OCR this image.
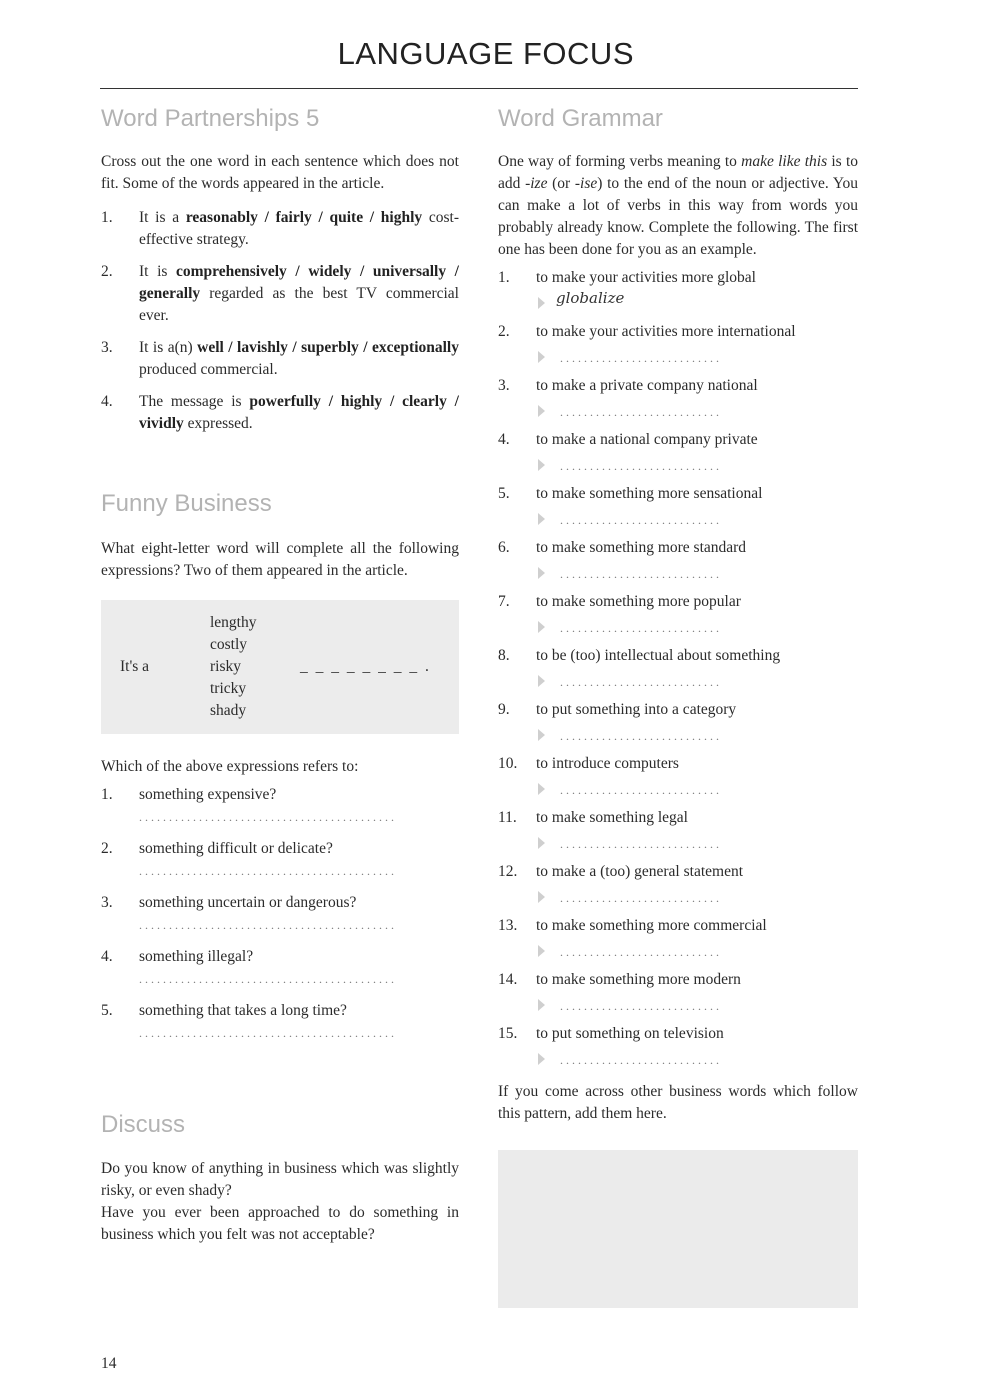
LANGUAGE FOCUS
Word Partnerships 5

Cross out the one word in each sentence which does not fit. Some of the words appeared in the article.

1.	It is a reasonably / fairly / quite / highly cost-effective strategy.
2.	It is comprehensively / widely / universally / generally regarded as the best TV commercial ever.
3.	It is a(n) well / lavishly / superbly / exceptionally produced commercial.
4.	The message is powerfully / highly / clearly / vividly expressed.
Funny Business

What eight-letter word will complete all the following expressions? Two of them appeared in the article.

It's a
lengthy
costly
risky
tricky
shady
_ _ _ _ _ _ _ _ .

Which of the above expressions refers to:

1.	something expensive?
...........................................
2.	something difficult or delicate?
...........................................
3.	something uncertain or dangerous?
...........................................
4.	something illegal?
...........................................
5.	something that takes a long time?
...........................................
Discuss

Do you know of anything in business which was slightly risky, or even shady?

Have you ever been approached to do something in business which you felt was not acceptable?

Word Grammar

One way of forming verbs meaning to make like this is to add -ize (or -ise) to the end of the noun or adjective. You can make a lot of verbs in this way from words you probably already know. Complete the following. The first one has been done for you as an example.

1.	to make your activities more global
globalize
2.	to make your activities more international
...........................
3.	to make a private company national
...........................
4.	to make a national company private
...........................
5.	to make something more sensational
...........................
6.	to make something more standard
...........................
7.	to make something more popular
...........................
8.	to be (too) intellectual about something
...........................
9.	to put something into a category
...........................
10.	to introduce computers
...........................
11.	to make something legal
...........................
12.	to make a (too) general statement
...........................
13.	to make something more commercial
...........................
14.	to make something more modern
...........................
15.	to put something on television
...........................

If you come across other business words which follow this pattern, add them here.

14
